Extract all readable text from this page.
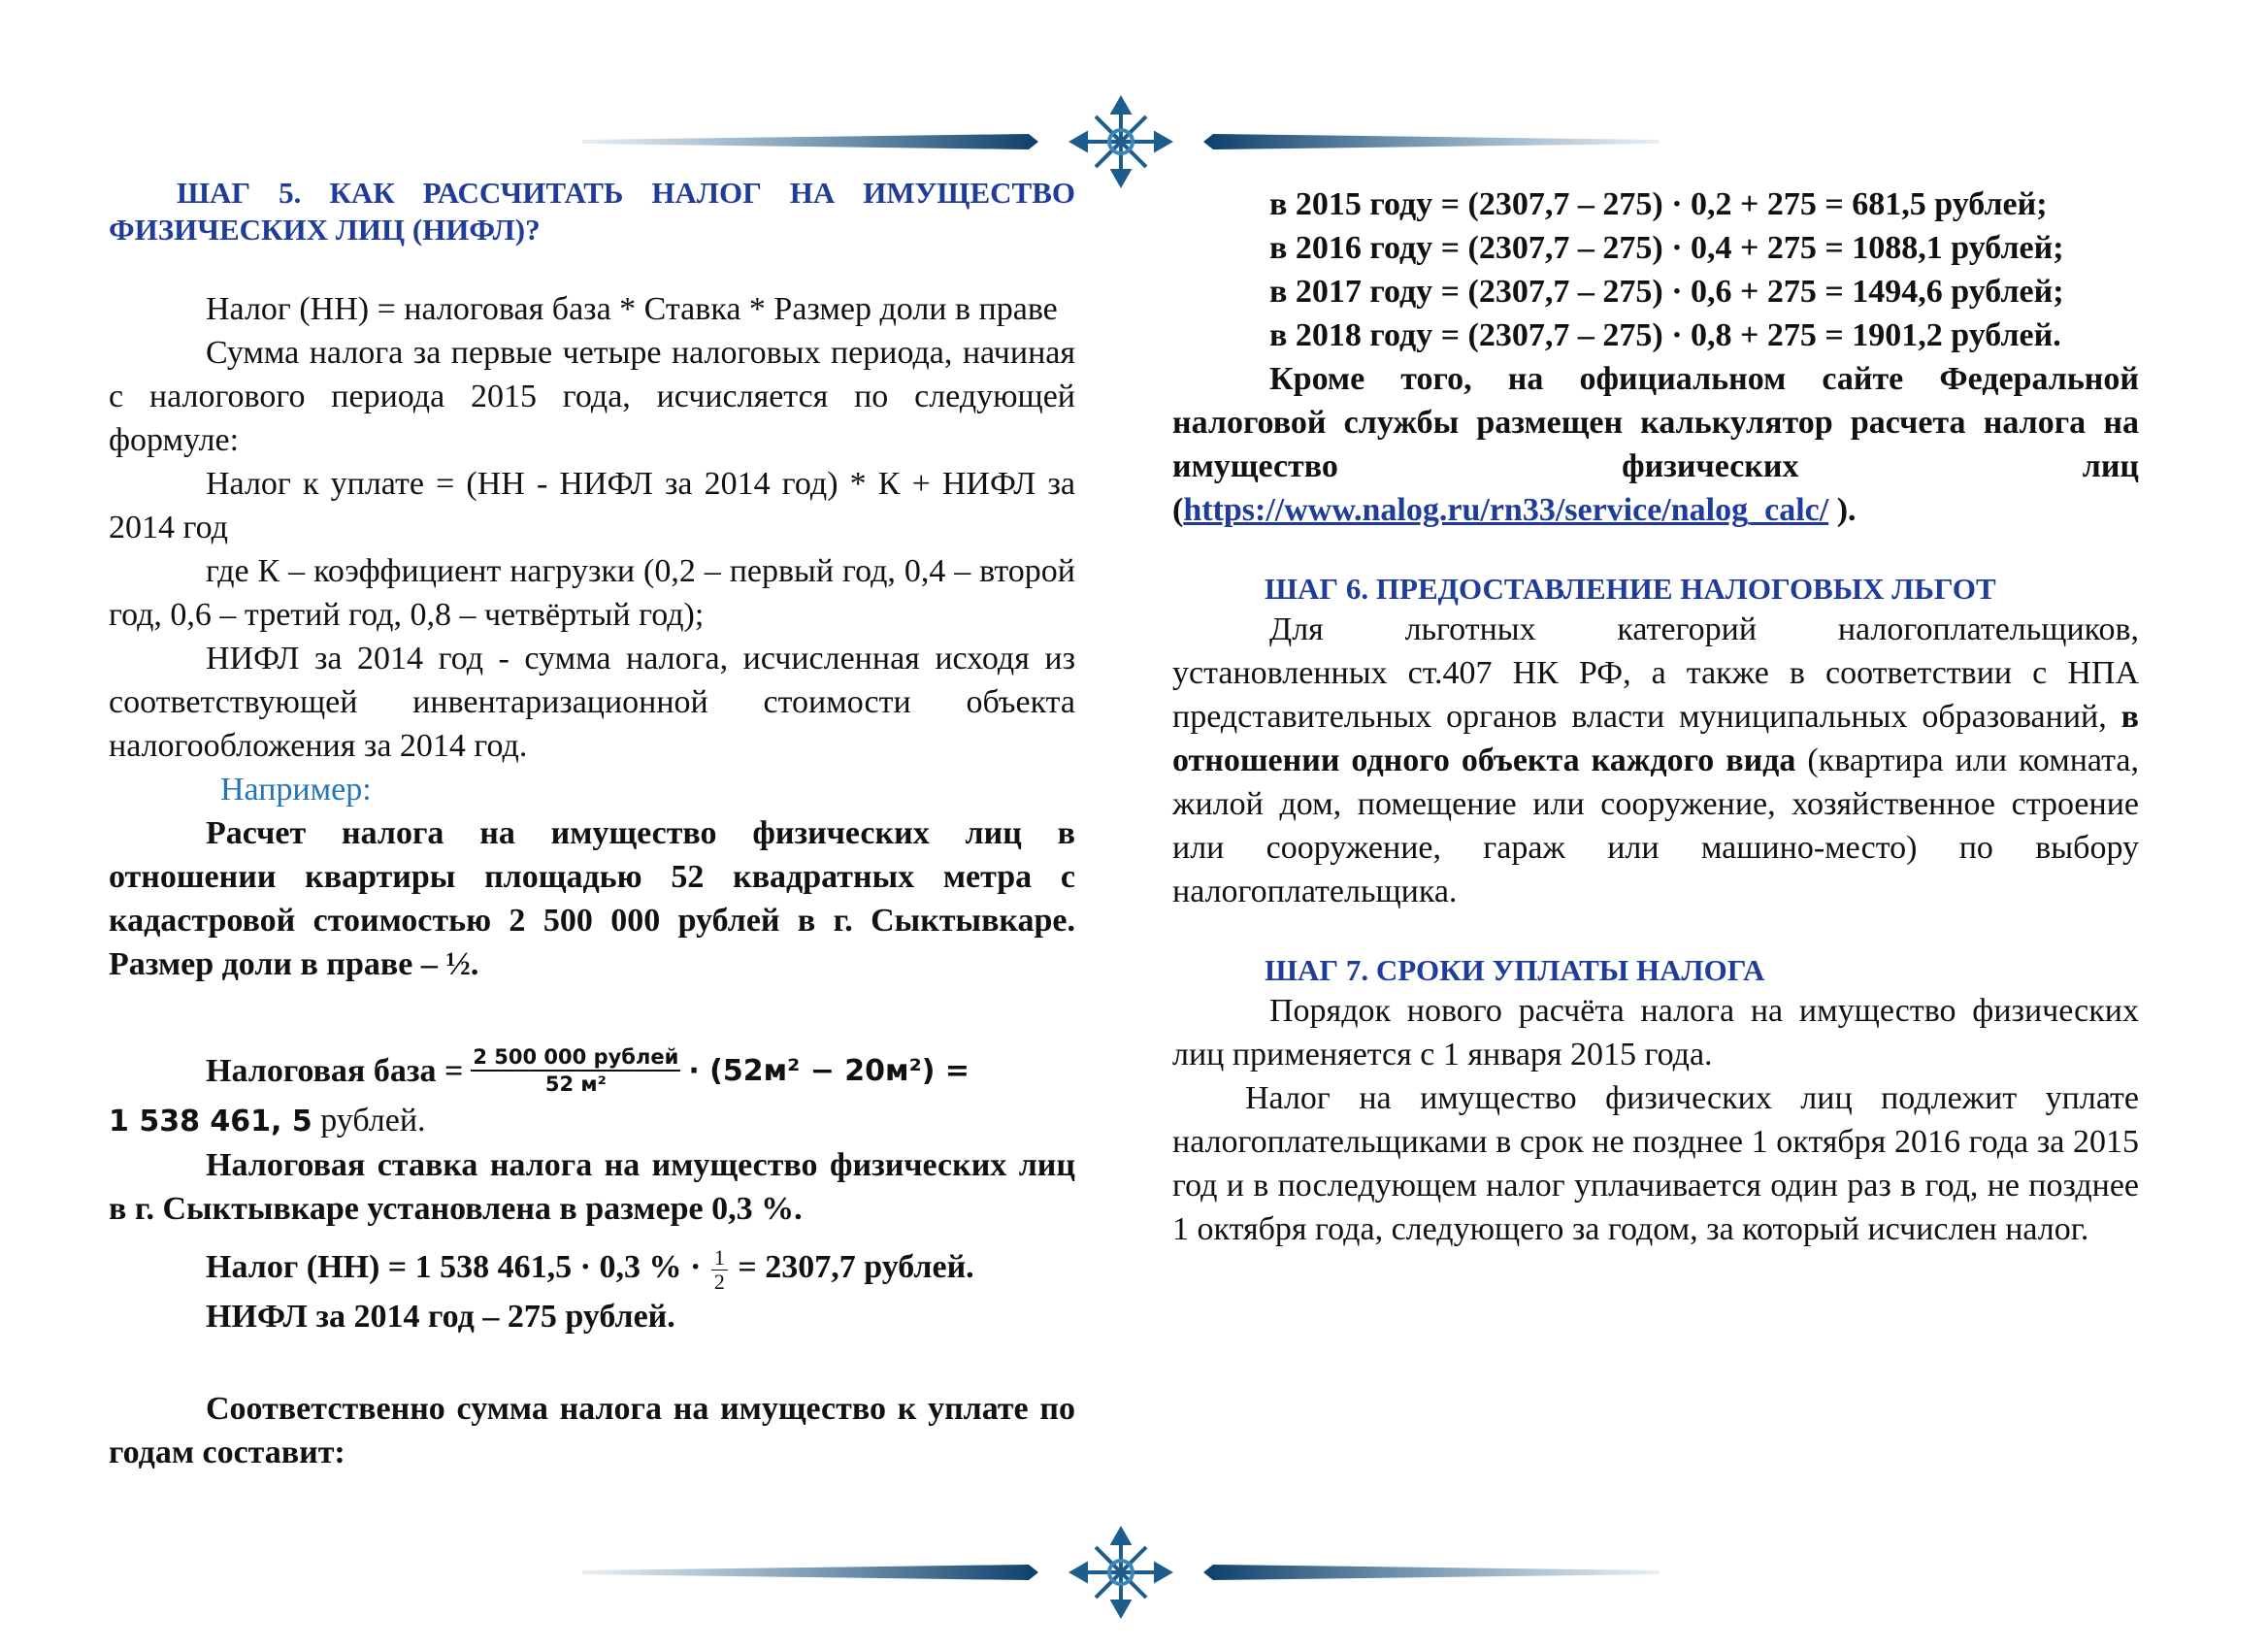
ШАГ 5. КАК РАССЧИТАТЬ НАЛОГ НА ИМУЩЕСТВО ФИЗИЧЕСКИХ ЛИЦ (НИФЛ)?

Налог (НН) = налоговая база * Ставка * Размер доли в праве

Сумма налога за первые четыре налоговых периода, начиная с налогового периода 2015 года, исчисляется по следующей формуле:

Налог к уплате = (НН - НИФЛ за 2014 год) * К + НИФЛ за 2014 год

где К – коэффициент нагрузки (0,2 – первый год, 0,4 – второй год, 0,6 – третий год, 0,8 – четвёртый год);

НИФЛ за 2014 год - сумма налога, исчисленная исходя из соответствующей инвентаризационной стоимости объекта налогообложения за 2014 год.

Например:

Расчет налога на имущество физических лиц в отношении квартиры площадью 52 квадратных метра с кадастровой стоимостью 2 500 000 рублей в г. Сыктывкаре. Размер доли в праве – ½.

Налоговая база = $\frac{\text{2 500 000 рублей}}{\text{52 м²}} \cdot (52м^2 - 20м^2)$ =

1 538 461, 5 рублей.

Налоговая ставка налога на имущество физических лиц в г. Сыктывкаре установлена в размере 0,3 %.

Налог (НН) = 1 538 461,5 · 0,3 % · $\frac{1}{2} = 2307,7$ рублей.

НИФЛ за 2014 год – 275 рублей.

Соответственно сумма налога на имущество к уплате по годам составит:

в 2015 году = (2307,7 – 275) · 0,2 + 275 = 681,5 рублей;

в 2016 году = (2307,7 – 275) · 0,4 + 275 = 1088,1 рублей;

в 2017 году = (2307,7 – 275) · 0,6 + 275 = 1494,6 рублей;

в 2018 году = (2307,7 – 275) · 0,8 + 275 = 1901,2 рублей.

Кроме того, на официальном сайте Федеральной налоговой службы размещен калькулятор расчета налога на имущество физических лиц (https://www.nalog.ru/rn33/service/nalog_calc/ ).

ШАГ 6. ПРЕДОСТАВЛЕНИЕ НАЛОГОВЫХ ЛЬГОТ

Для льготных категорий налогоплательщиков, установленных ст.407 НК РФ, а также в соответствии с НПА представительных органов власти муниципальных образований, в отношении одного объекта каждого вида (квартира или комната, жилой дом, помещение или сооружение, хозяйственное строение или сооружение, гараж или машино-место) по выбору налогоплательщика.

ШАГ 7. СРОКИ УПЛАТЫ НАЛОГА

Порядок нового расчёта налога на имущество физических лиц применяется с 1 января 2015 года.

Налог на имущество физических лиц подлежит уплате налогоплательщиками в срок не позднее 1 октября 2016 года за 2015 год и в последующем налог уплачивается один раз в год, не позднее 1 октября года, следующего за годом, за который исчислен налог.
